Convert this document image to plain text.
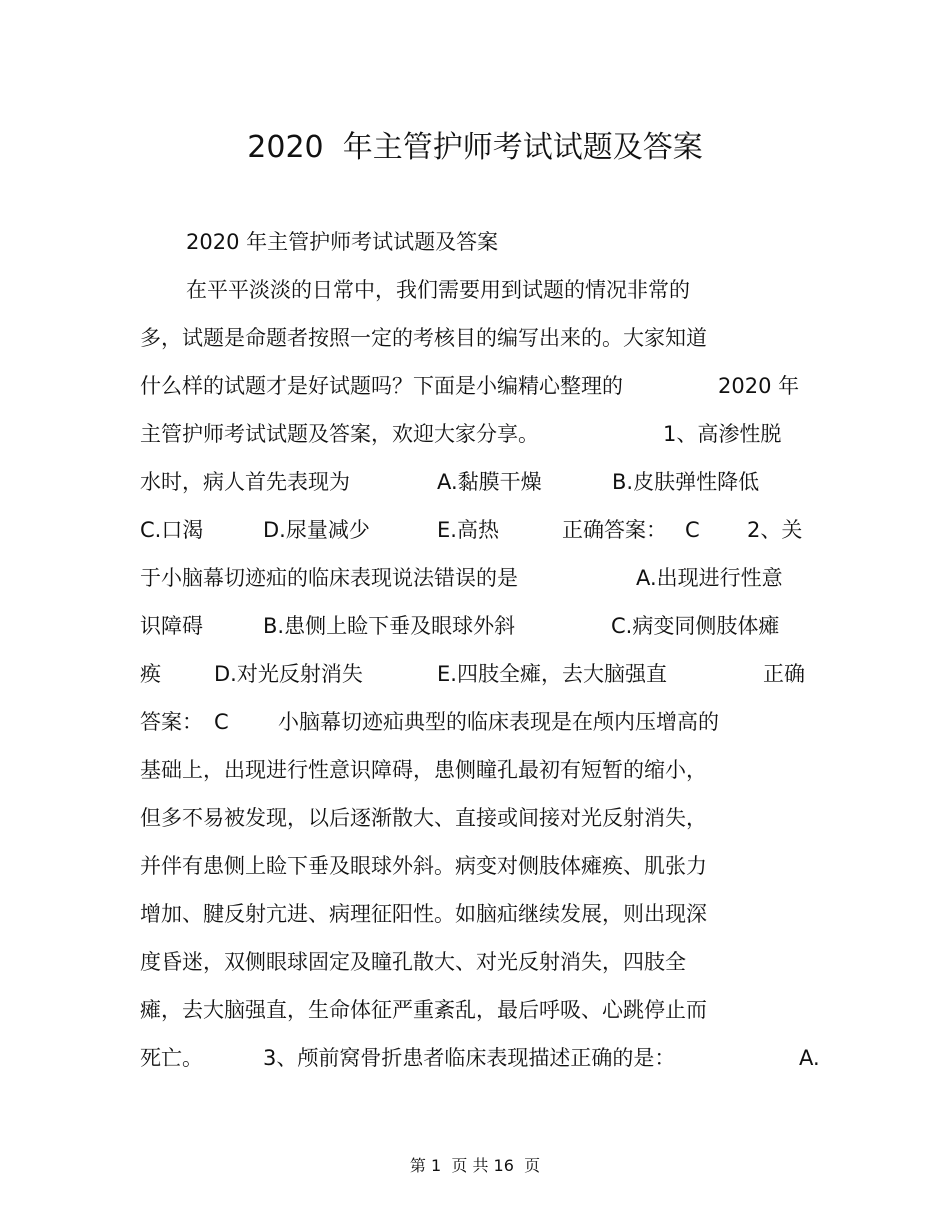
2020  年主管护师考试试题及答案
2020 年主管护师考试试题及答案
在平平淡淡的日常中，我们需要用到试题的情况非常的
多，试题是命题者按照一定的考核目的编写出来的。大家知道
什么样的试题才是好试题吗？下面是小编精心整理的	2020 年
主管护师考试试题及答案，欢迎大家分享。	1、高渗性脱
水时，病人首先表现为	A.黏膜干燥	B.皮肤弹性降低
C.口渴	D.尿量减少	E.高热	正确答案： C 2、关
于小脑幕切迹疝的临床表现说法错误的是	A.出现进行性意
识障碍	B.患侧上睑下垂及眼球外斜	C.病变同侧肢体瘫
痪	D.对光反射消失	E.四肢全瘫，去大脑强直	正确
答案： C 小脑幕切迹疝典型的临床表现是在颅内压增高的
基础上，出现进行性意识障碍，患侧瞳孔最初有短暂的缩小，
但多不易被发现，以后逐渐散大、直接或间接对光反射消失，
并伴有患侧上睑下垂及眼球外斜。病变对侧肢体瘫痪、肌张力
增加、腱反射亢进、病理征阳性。如脑疝继续发展，则出现深
度昏迷，双侧眼球固定及瞳孔散大、对光反射消失，四肢全
瘫，去大脑强直，生命体征严重紊乱，最后呼吸、心跳停止而
死亡。	3、颅前窝骨折患者临床表现描述正确的是：	A.
第 1  页 共 16  页
